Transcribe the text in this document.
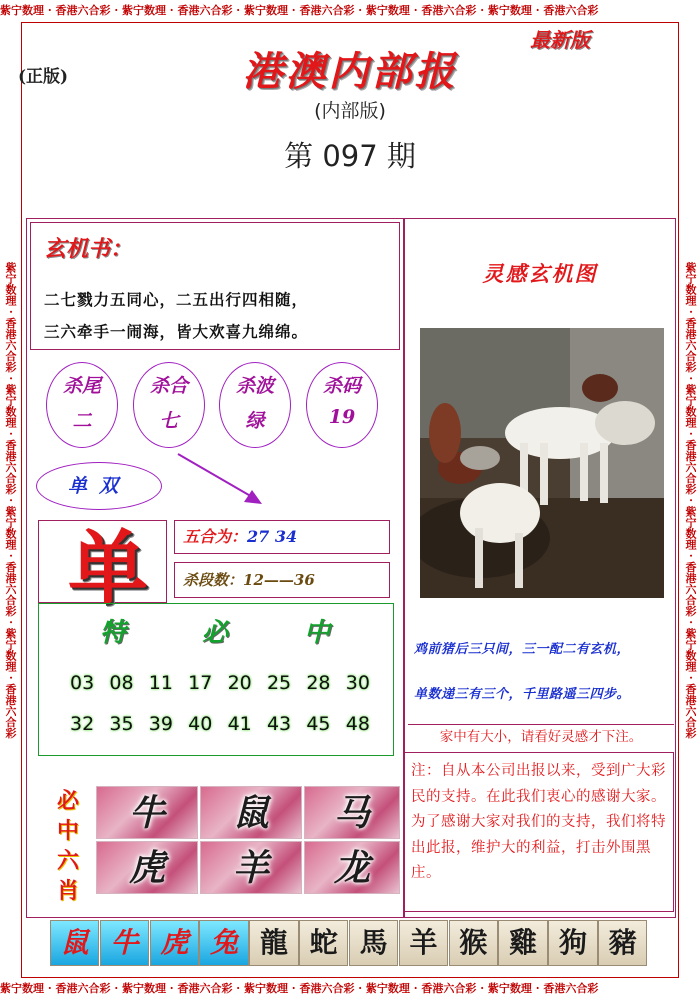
紫宁数理 · 香港六合彩 · 紫宁数理 · 香港六合彩 · 紫宁数理 · 香港六合彩 · 紫宁数理 · 香港六合彩 · 紫宁数理 · 香港六合彩
紫宁数理 · 香港六合彩 · 紫宁数理 · 香港六合彩 · 紫宁数理 · 香港六合彩 · 紫宁数理 · 香港六合彩 · 紫宁数理 · 香港六合彩
紫宁数理 · 香港六合彩 · 紫宁数理 · 香港六合彩 · 紫宁数理 · 香港六合彩 · 紫宁数理 · 香港六合彩	紫宁数理 · 香港六合彩 · 紫宁数理 · 香港六合彩 · 紫宁数理 · 香港六合彩 · 紫宁数理 · 香港六合彩
(正版)	港澳内部报
最新版
(内部版)
第 097 期
玄机书：
二七戮力五同心，二五出行四相随，
三六牵手一闹海，皆大欢喜九绵绵。
杀尾
二
杀合
七
杀波
绿
杀码
19
单双
单	五合为：27 34
杀段数：12——36
特	必	中
03 08 11 17 20 25 28 30
32 35 39 40 41 43 45 48
必
中
六
肖
牛	鼠	马
虎	羊	龙
灵感玄机图
鸡前猪后三只间，三一配二有玄机，
单数递三有三个，千里路遥三四步。
家中有大小，请看好灵感才下注。
注：自从本公司出报以来，受到广大彩民的支持。在此我们衷心的感谢大家。为了感谢大家对我们的支持，我们将特出此报，维护大的利益，打击外围黑庄。
鼠 牛 虎 兔 龍 蛇 馬 羊 猴 雞 狗 豬
